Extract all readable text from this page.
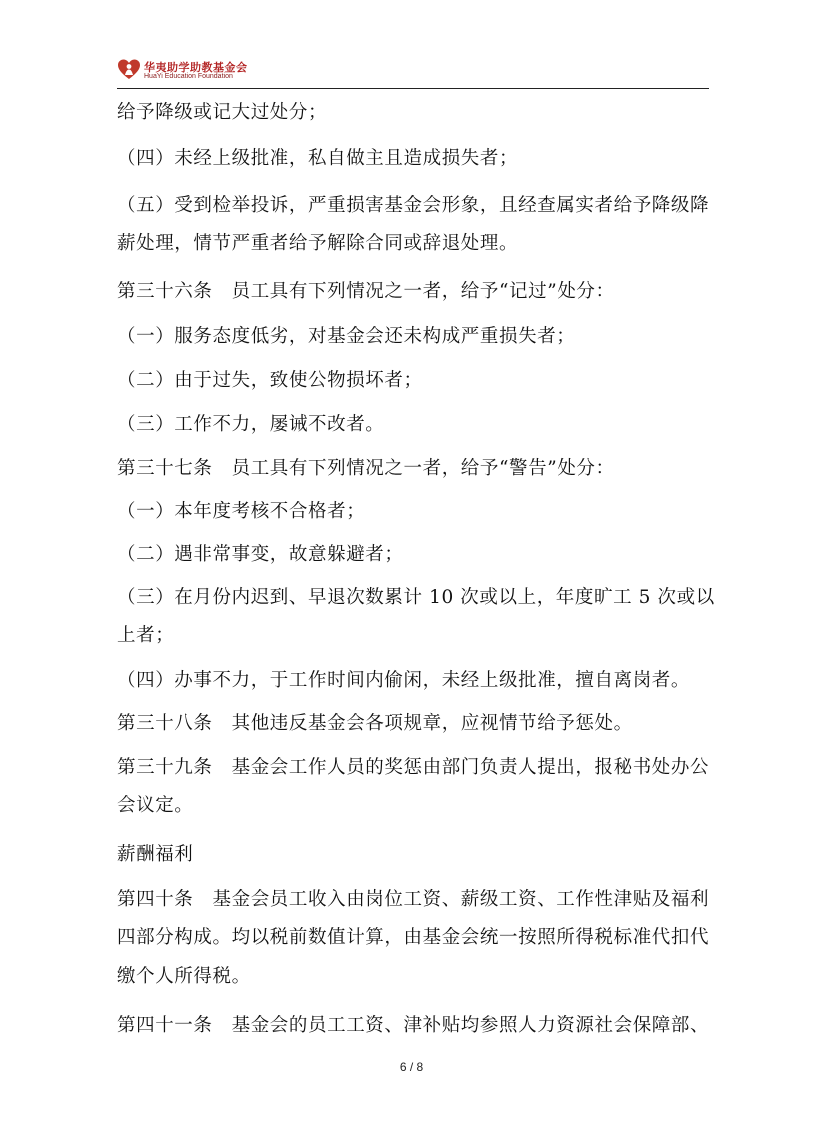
华夷助学助教基金会
HuaYi Education Foundation
给予降级或记大过处分；
（四）未经上级批准，私自做主且造成损失者；
（五）受到检举投诉，严重损害基金会形象，且经查属实者给予降级降
薪处理，情节严重者给予解除合同或辞退处理。
第三十六条　员工具有下列情况之一者，给予“记过”处分：
（一）服务态度低劣，对基金会还未构成严重损失者；
（二）由于过失，致使公物损坏者；
（三）工作不力，屡诫不改者。
第三十七条　员工具有下列情况之一者，给予“警告”处分：
（一）本年度考核不合格者；
（二）遇非常事变，故意躲避者；
（三）在月份内迟到、早退次数累计 10 次或以上，年度旷工 5 次或以
上者；
（四）办事不力，于工作时间内偷闲，未经上级批准，擅自离岗者。
第三十八条　其他违反基金会各项规章，应视情节给予惩处。
第三十九条　基金会工作人员的奖惩由部门负责人提出，报秘书处办公
会议定。
薪酬福利
第四十条　基金会员工收入由岗位工资、薪级工资、工作性津贴及福利
四部分构成。均以税前数值计算，由基金会统一按照所得税标准代扣代
缴个人所得税。
第四十一条　基金会的员工工资、津补贴均参照人力资源社会保障部、
6 / 8
